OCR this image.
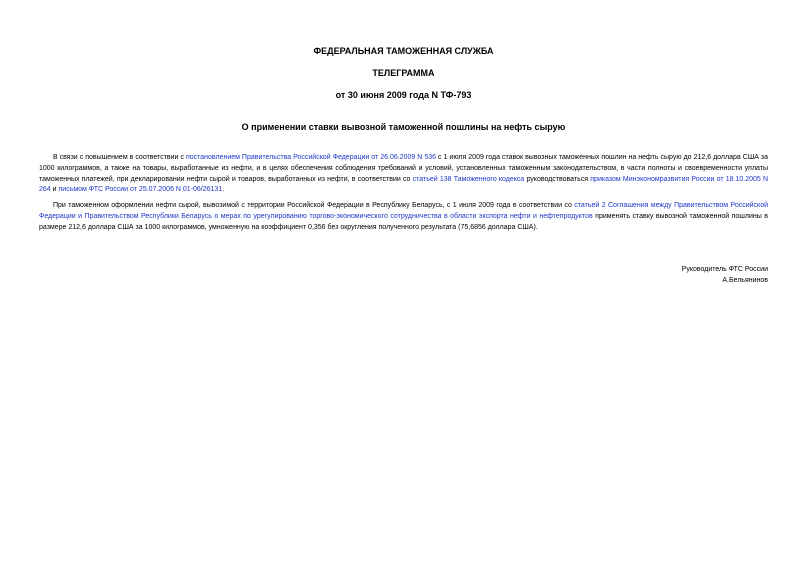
ФЕДЕРАЛЬНАЯ ТАМОЖЕННАЯ СЛУЖБА
ТЕЛЕГРАММА
от 30 июня 2009 года N ТФ-793
О применении ставки вывозной таможенной пошлины на нефть сырую

В связи с повышением в соответствии с постановлением Правительства Российской Федерации от 26.06.2009 N 536 с 1 июля 2009 года ставок вывозных таможенных пошлин на нефть сырую до 212,6 доллара США за 1000 килограммов, а также на товары, выработанные из нефти, и в целях обеспечения соблюдения требований и условий, установленных таможенным законодательством, в части полноты и своевременности уплаты таможенных платежей, при декларировании нефти сырой и товаров, выработанных из нефти, в соответствии со статьей 138 Таможенного кодекса руководствоваться приказом Минэкономразвития России от 18.10.2005 N 264 и письмом ФТС России от 25.07.2006 N 01-06/26131.

При таможенном оформлении нефти сырой, вывозимой с территории Российской Федерации в Республику Беларусь, с 1 июля 2009 года в соответствии со статьей 2 Соглашения между Правительством Российской Федерации и Правительством Республики Беларусь о мерах по урегулированию торгово-экономического сотрудничества в области экспорта нефти и нефтепродуктов применять ставку вывозной таможенной пошлины в размере 212,6 доллара США за 1000 килограммов, умноженную на коэффициент 0,356 без округления полученного результата (75,6856 доллара США).

Руководитель ФТС России
А.Бельянинов
